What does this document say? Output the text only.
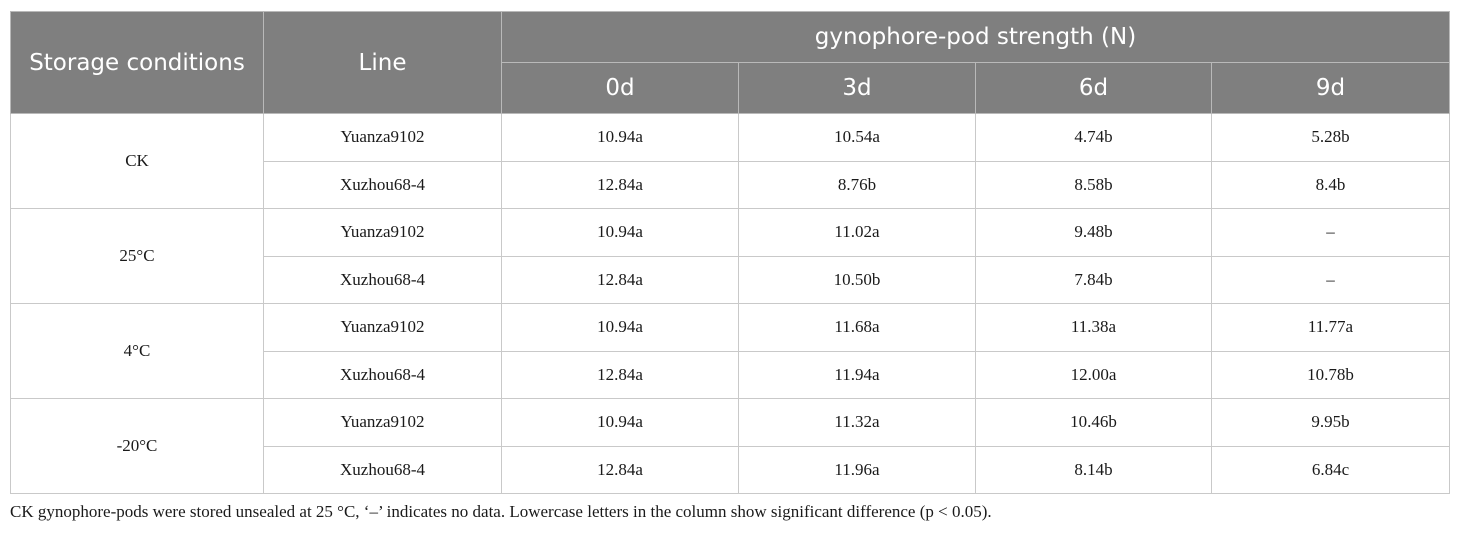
Storage conditions	Line	gynophore-pod strength (N)			
		0d	3d	6d	9d
CK	Yuanza9102	10.94a	10.54a	4.74b	5.28b
	Xuzhou68-4	12.84a	8.76b	8.58b	8.4b
25°C	Yuanza9102	10.94a	11.02a	9.48b	–
	Xuzhou68-4	12.84a	10.50b	7.84b	–
4°C	Yuanza9102	10.94a	11.68a	11.38a	11.77a
	Xuzhou68-4	12.84a	11.94a	12.00a	10.78b
-20°C	Yuanza9102	10.94a	11.32a	10.46b	9.95b
	Xuzhou68-4	12.84a	11.96a	8.14b	6.84c
CK gynophore-pods were stored unsealed at 25 °C, ‘–’ indicates no data. Lowercase letters in the column show significant difference (p < 0.05).
